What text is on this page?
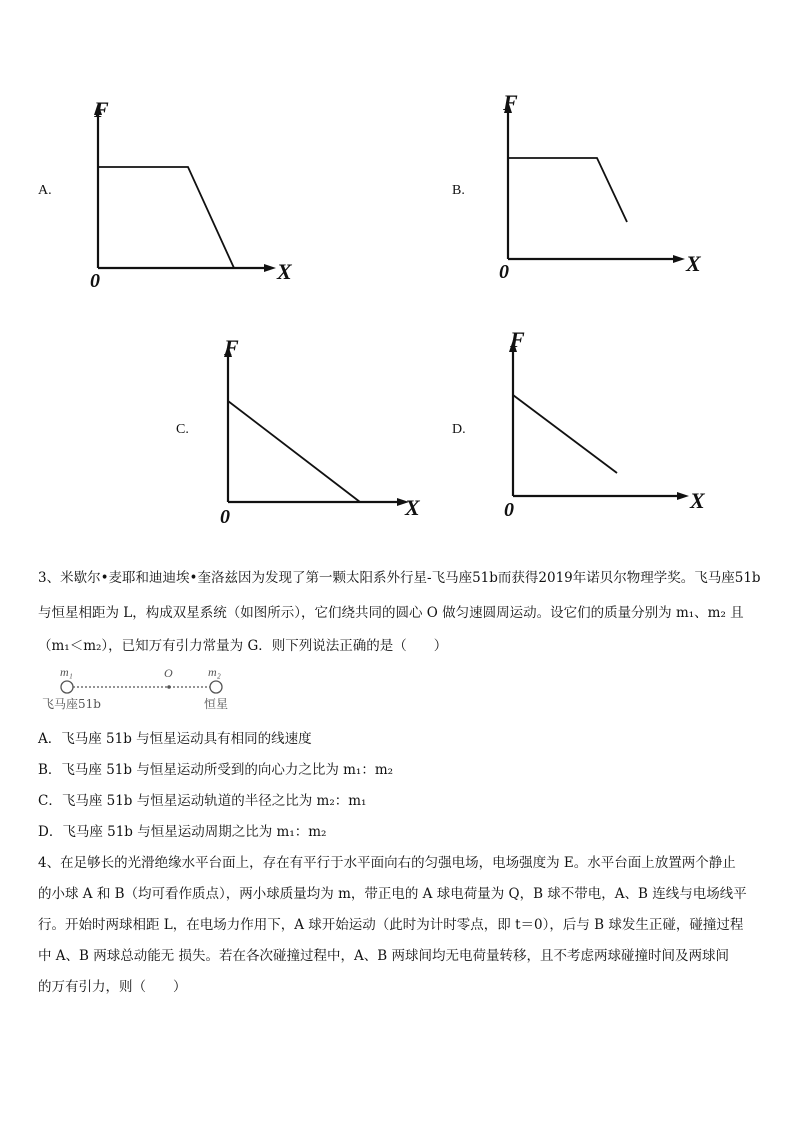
A.
F
X
0
B.
F
X
0
C.
F
X
0
D.
F
X
0
3、米歇尔•麦耶和迪迪埃•奎洛兹因为发现了第一颗太阳系外行星-飞马座51b而获得2019年诺贝尔物理学奖。飞马座51b
与恒星相距为 L，构成双星系统（如图所示），它们绕共同的圆心 O 做匀速圆周运动。设它们的质量分别为 m₁、m₂ 且
（m₁＜m₂），已知万有引力常量为 G．则下列说法正确的是（　　）
m₁	O	m₂
飞马座51b	恒星
A．飞马座 51b 与恒星运动具有相同的线速度
B．飞马座 51b 与恒星运动所受到的向心力之比为 m₁：m₂
C．飞马座 51b 与恒星运动轨道的半径之比为 m₂：m₁
D．飞马座 51b 与恒星运动周期之比为 m₁：m₂
4、在足够长的光滑绝缘水平台面上，存在有平行于水平面向右的匀强电场，电场强度为 E。水平台面上放置两个静止
的小球 A 和 B（均可看作质点），两小球质量均为 m，带正电的 A 球电荷量为 Q，B 球不带电，A、B 连线与电场线平
行。开始时两球相距 L，在电场力作用下，A 球开始运动（此时为计时零点，即 t＝0），后与 B 球发生正碰，碰撞过程
中 A、B 两球总动能无 损失。若在各次碰撞过程中，A、B 两球间均无电荷量转移，且不考虑两球碰撞时间及两球间
的万有引力，则（　　）
